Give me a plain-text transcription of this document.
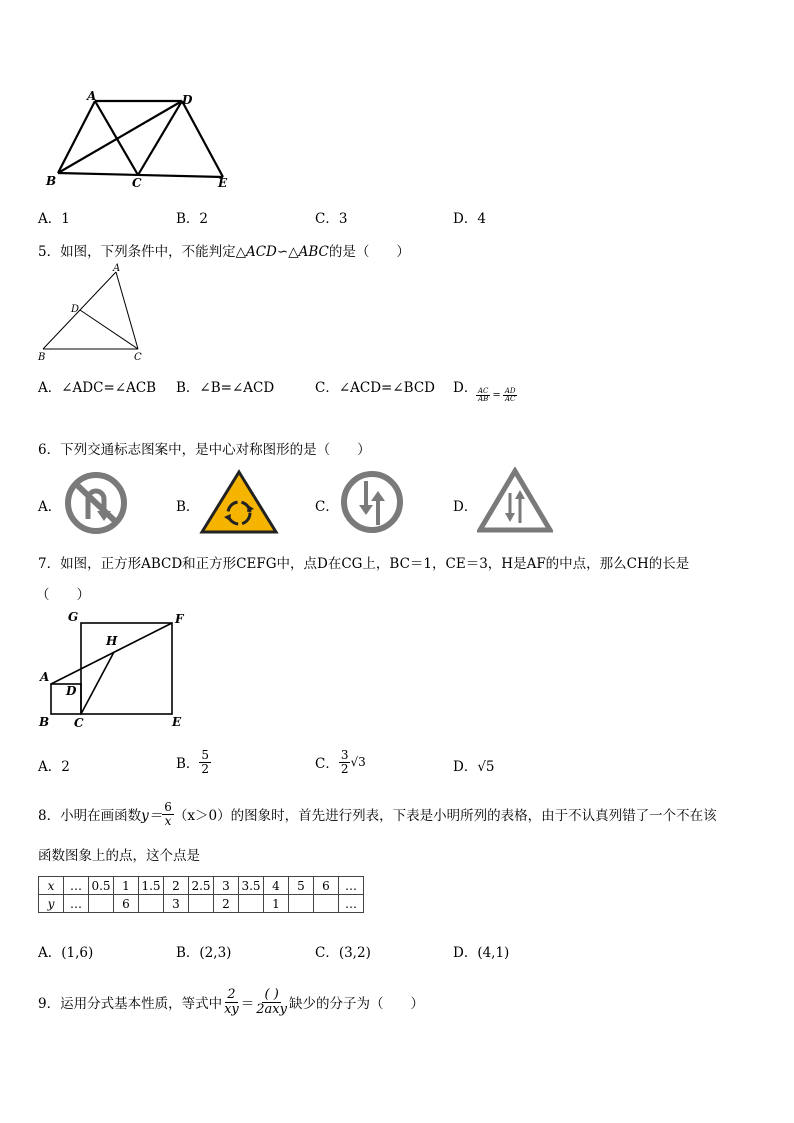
A	D
B	C	E
A．1	B．2	C．3	D．4
5．如图，下列条件中，不能判定△ACD∽△ABC的是（　　）
A
D
B	C
A．∠ADC=∠ACB B．∠B=∠ACD	C．∠ACD=∠BCD D．
$\frac{AC}{AB} = \frac{AD}{AC}$
6．下列交通标志图案中，是中心对称图形的是（　　）
A．	B．	C．	D．
7．如图，正方形ABCD和正方形CEFG中，点D在CG上，BC＝1，CE＝3，H是AF的中点，那么CH的长是
（　　）
G	F
H
A
D
B C	E
A．2	B． $\frac{5}{2}$	C． $\frac{3}{2} √3$	D．√5
8．小明在画函数 $y= \frac{6}{x} (x>0)$ 的图象时，首先进行列表，下表是小明所列的表格，由于不认真列错了一个不在该
函数图象上的点，这个点是
x	…	0.5	1	1.5	2	2.5	3	3.5	4	5	6	…
y	…		6		3		2		1			…
A．(1,6)	B．(2,3)	C．(3,2)	D．(4,1)
9．运用分式基本性质，等式中 $\frac{2}{xy} = \frac{( )}{\text{2axy}}$ 缺少的分子为（　　）
